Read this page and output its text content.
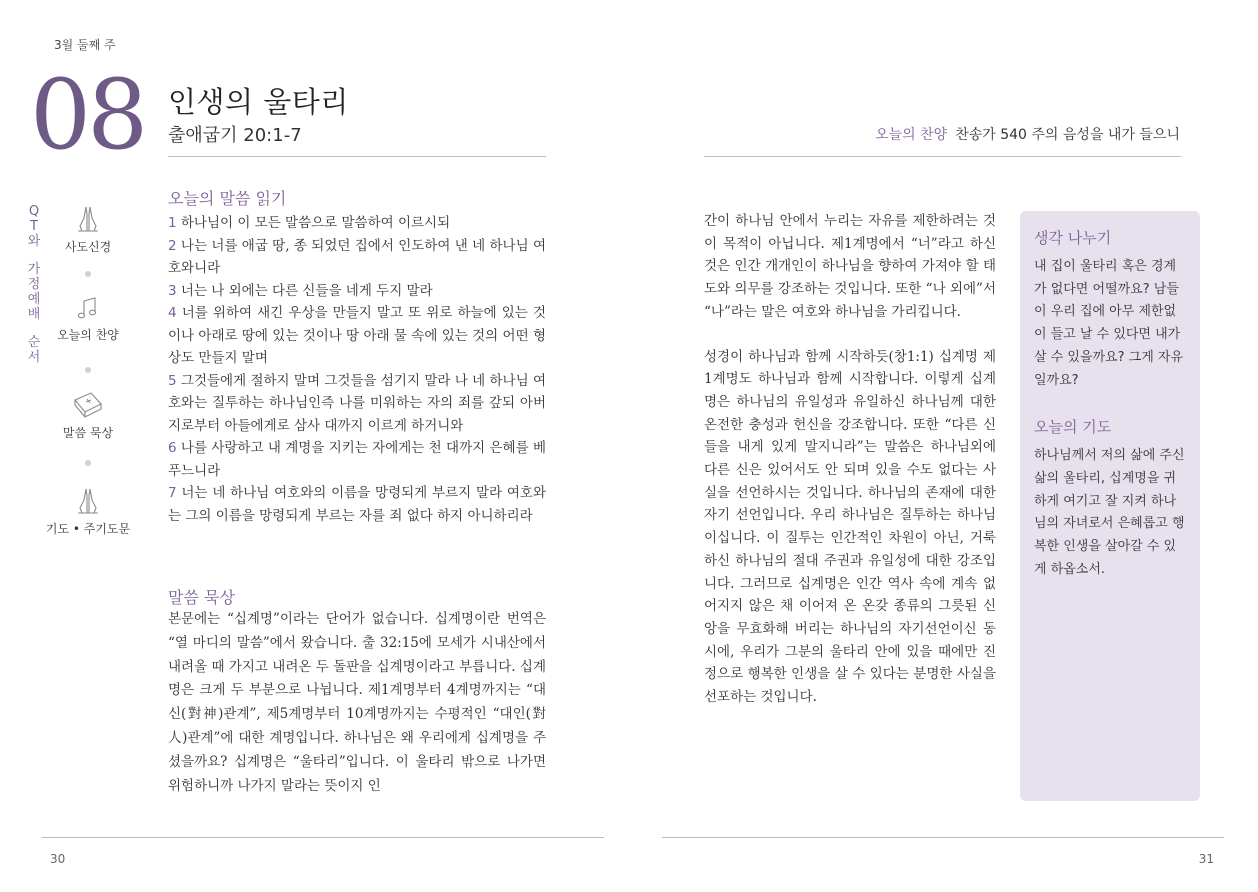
3월 둘째 주
08 인생의 울타리
출애굽기 20:1-7	오늘의 찬양 찬송가 540 주의 음성을 내가 들으니
Q
T
와
가
정
예
배
순
서
사도신경
오늘의 찬양
말씀 묵상
기도 • 주기도문
오늘의 말씀 읽기
1 하나님이 이 모든 말씀으로 말씀하여 이르시되
2 나는 너를 애굽 땅, 종 되었던 집에서 인도하여 낸 네 하나님 여호와니라
3 너는 나 외에는 다른 신들을 네게 두지 말라
4 너를 위하여 새긴 우상을 만들지 말고 또 위로 하늘에 있는 것이나 아래로 땅에 있는 것이나 땅 아래 물 속에 있는 것의 어떤 형상도 만들지 말며
5 그것들에게 절하지 말며 그것들을 섬기지 말라 나 네 하나님 여호와는 질투하는 하나님인즉 나를 미워하는 자의 죄를 갚되 아버지로부터 아들에게로 삼사 대까지 이르게 하거니와
6 나를 사랑하고 내 계명을 지키는 자에게는 천 대까지 은혜를 베푸느니라
7 너는 네 하나님 여호와의 이름을 망령되게 부르지 말라 여호와는 그의 이름을 망령되게 부르는 자를 죄 없다 하지 아니하리라
말씀 묵상
본문에는 “십계명”이라는 단어가 없습니다. 십계명이란 번역은 “열 마디의 말씀”에서 왔습니다. 출 32:15에 모세가 시내산에서 내려올 때 가지고 내려온 두 돌판을 십계명이라고 부릅니다. 십계명은 크게 두 부분으로 나뉩니다. 제1계명부터 4계명까지는 “대신(對神)관계”, 제5계명부터 10계명까지는 수평적인 “대인(對人)관계”에 대한 계명입니다. 하나님은 왜 우리에게 십계명을 주셨을까요? 십계명은 “울타리”입니다. 이 울타리 밖으로 나가면 위험하니까 나가지 말라는 뜻이지 인

간이 하나님 안에서 누리는 자유를 제한하려는 것이 목적이 아닙니다. 제1계명에서 “너”라고 하신 것은 인간 개개인이 하나님을 향하여 가져야 할 태도와 의무를 강조하는 것입니다. 또한 “나 외에”서 “나”라는 말은 여호와 하나님을 가리킵니다.

성경이 하나님과 함께 시작하듯(창1:1) 십계명 제1계명도 하나님과 함께 시작합니다. 이렇게 십계명은 하나님의 유일성과 유일하신 하나님께 대한 온전한 충성과 헌신을 강조합니다. 또한 “다른 신들을 내게 있게 말지니라”는 말씀은 하나님외에 다른 신은 있어서도 안 되며 있을 수도 없다는 사실을 선언하시는 것입니다. 하나님의 존재에 대한 자기 선언입니다. 우리 하나님은 질투하는 하나님이십니다. 이 질투는 인간적인 차원이 아닌, 거룩하신 하나님의 절대 주권과 유일성에 대한 강조입니다. 그러므로 십계명은 인간 역사 속에 계속 없어지지 않은 채 이어져 온 온갖 종류의 그릇된 신앙을 무효화해 버리는 하나님의 자기선언이신 동시에, 우리가 그분의 울타리 안에 있을 때에만 진정으로 행복한 인생을 살 수 있다는 분명한 사실을 선포하는 것입니다.

생각 나누기
내 집이 울타리 혹은 경계가 없다면 어떨까요? 남들이 우리 집에 아무 제한없이 들고 날 수 있다면 내가 살 수 있을까요? 그게 자유일까요?
오늘의 기도
하나님께서 저의 삶에 주신 삶의 울타리, 십계명을 귀하게 여기고 잘 지켜 하나님의 자녀로서 은혜롭고 행복한 인생을 살아갈 수 있게 하옵소서.
30	31
